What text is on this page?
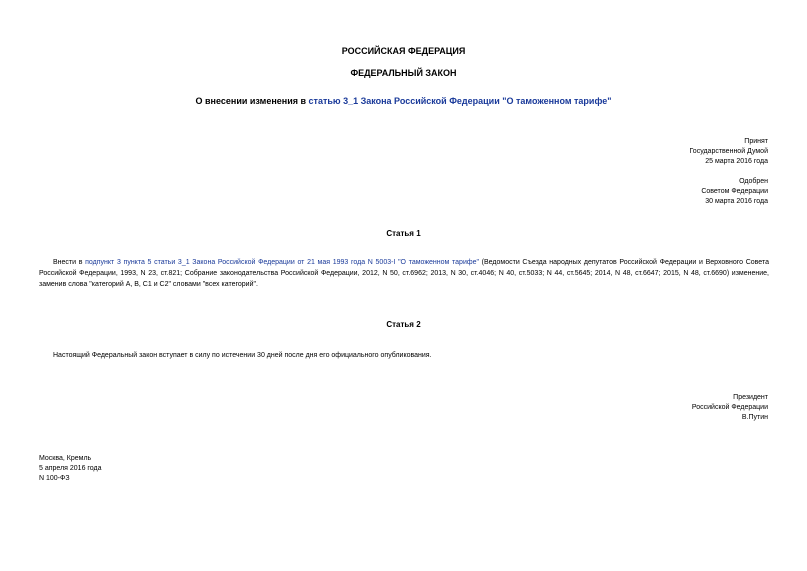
РОССИЙСКАЯ ФЕДЕРАЦИЯ
ФЕДЕРАЛЬНЫЙ ЗАКОН
О внесении изменения в статью 3_1 Закона Российской Федерации "О таможенном тарифе"
Принят
Государственной Думой
25 марта 2016 года
Одобрен
Советом Федерации
30 марта 2016 года
Статья 1
Внести в подпункт 3 пункта 5 статьи 3_1 Закона Российской Федерации от 21 мая 1993 года N 5003-I "О таможенном тарифе" (Ведомости Съезда народных депутатов Российской Федерации и Верховного Совета Российской Федерации, 1993, N 23, ст.821; Собрание законодательства Российской Федерации, 2012, N 50, ст.6962; 2013, N 30, ст.4046; N 40, ст.5033; N 44, ст.5645; 2014, N 48, ст.6647; 2015, N 48, ст.6690) изменение, заменив слова "категорий A, B, C1 и C2" словами "всех категорий".
Статья 2
Настоящий Федеральный закон вступает в силу по истечении 30 дней после дня его официального опубликования.
Президент
Российской Федерации
В.Путин
Москва, Кремль
5 апреля 2016 года
N 100-ФЗ
